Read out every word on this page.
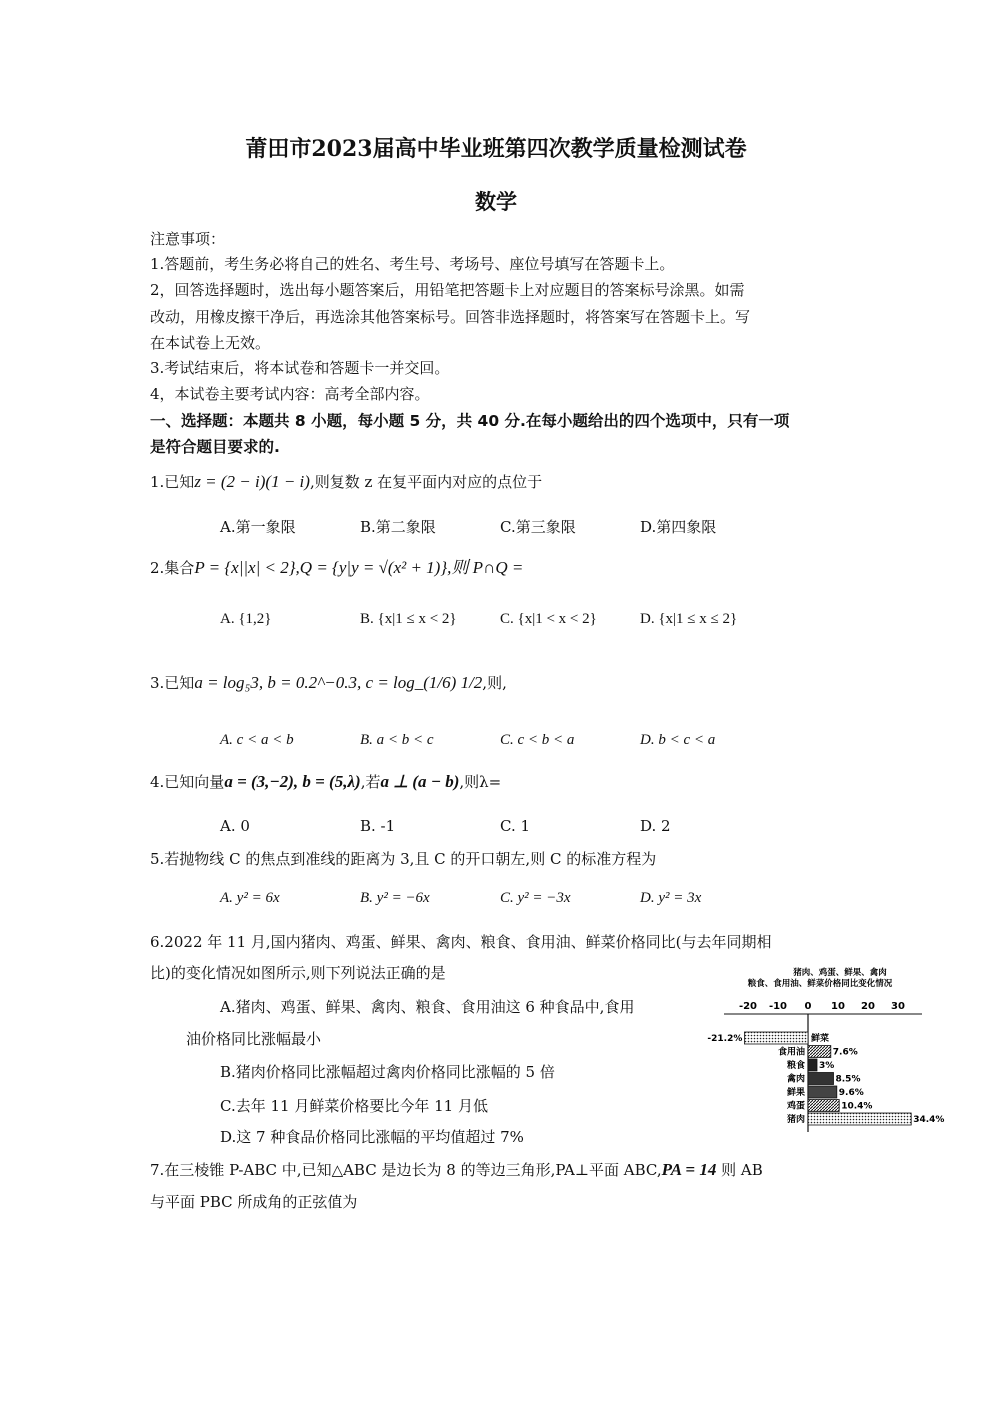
莆田市2023届高中毕业班第四次教学质量检测试卷
数学
注意事项：
1.答题前，考生务必将自己的姓名、考生号、考场号、座位号填写在答题卡上。
2，回答选择题时，选出每小题答案后，用铅笔把答题卡上对应题目的答案标号涂黑。如需
改动，用橡皮擦干净后，再选涂其他答案标号。回答非选择题时，将答案写在答题卡上。写
在本试卷上无效。
3.考试结束后，将本试卷和答题卡一并交回。
4，本试卷主要考试内容：高考全部内容。
一、选择题：本题共 8 小题，每小题 5 分，共 40 分.在每小题给出的四个选项中，只有一项
是符合题目要求的.
1.已知z = (2 − i)(1 − i),则复数 z 在复平面内对应的点位于
A.第一象限	B.第二象限	C.第三象限	D.第四象限
2.集合P = {x||x| < 2},Q = {y|y = √(x² + 1)},则 P∩Q =
A. {1,2}	B. {x|1 ≤ x < 2}	C. {x|1 < x < 2}	D. {x|1 ≤ x ≤ 2}
3.已知a = log₅3, b = 0.2^−0.3, c = log_(1/6) 1/2,则,
A. c < a < b	B. a < b < c	C. c < b < a	D. b < c < a
4.已知向量a = (3,−2), b = (5,λ),若a ⊥ (a − b),则λ=
A. 0	B. -1	C. 1	D. 2
5.若抛物线 C 的焦点到准线的距离为 3,且 C 的开口朝左,则 C 的标准方程为
A. y² = 6x	B. y² = −6x	C. y² = −3x	D. y² = 3x
6.2022 年 11 月,国内猪肉、鸡蛋、鲜果、禽肉、粮食、食用油、鲜菜价格同比(与去年同期相
比)的变化情况如图所示,则下列说法正确的是
A.猪肉、鸡蛋、鲜果、禽肉、粮食、食用油这 6 种食品中,食用
油价格同比涨幅最小
B.猪肉价格同比涨幅超过禽肉价格同比涨幅的 5 倍
C.去年 11 月鲜菜价格要比今年 11 月低
D.这 7 种食品价格同比涨幅的平均值超过 7%
猪肉、鸡蛋、鲜果、禽肉
粮食、食用油、鲜菜价格同比变化情况
-20 -10 0 10 20 30
鲜菜
-21.2%
食用油	7.6%
粮食 3%
禽肉	8.5%
鲜果	9.6%
鸡蛋	10.4%
猪肉	34.4%
7.在三棱锥 P-ABC 中,已知△ABC 是边长为 8 的等边三角形,PA⊥平面 ABC,PA = 14 则 AB
与平面 PBC 所成角的正弦值为
